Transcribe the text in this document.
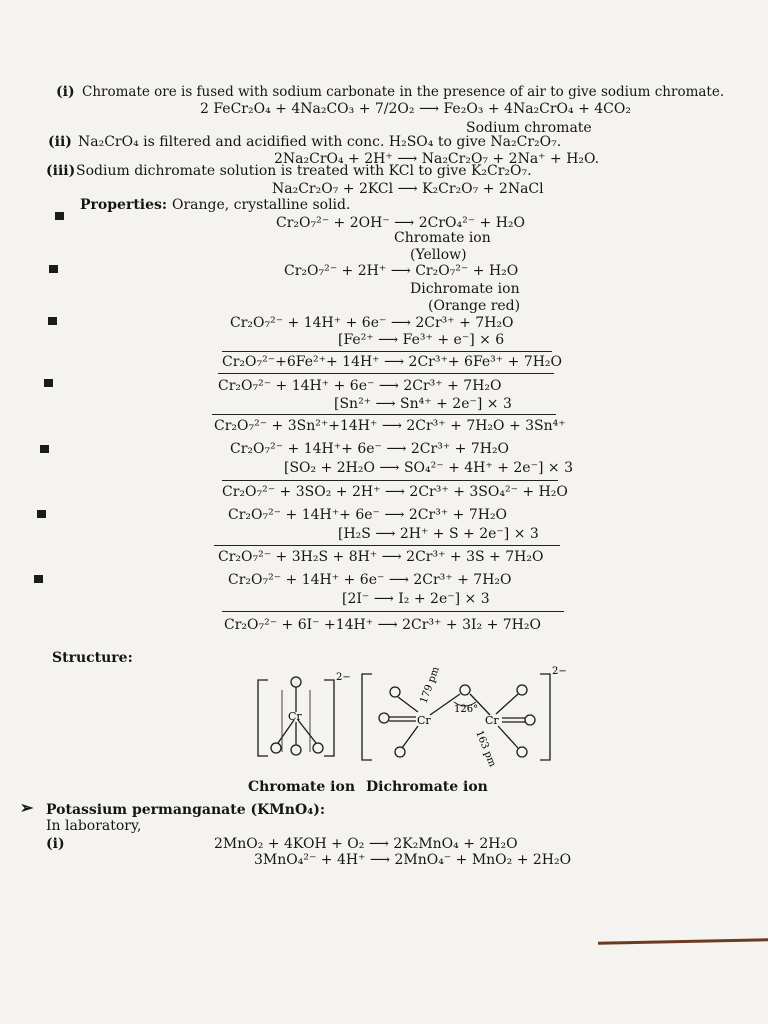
(i) Chromate ore is fused with sodium carbonate in the presence of air to give sodium chromate.
2 FeCr₂O₄ + 4Na₂CO₃ + 7/2O₂ ⟶ Fe₂O₃ + 4Na₂CrO₄ + 4CO₂
Sodium chromate
(ii) Na₂CrO₄ is filtered and acidified with conc. H₂SO₄ to give Na₂Cr₂O₇.
2Na₂CrO₄ + 2H⁺ ⟶ Na₂Cr₂O₇ + 2Na⁺ + H₂O.
(iii) Sodium dichromate solution is treated with KCl to give K₂Cr₂O₇.
Na₂Cr₂O₇ + 2KCl ⟶ K₂Cr₂O₇ + 2NaCl
Properties: Orange, crystalline solid.
Cr₂O₇²⁻ + 2OH⁻ ⟶ 2CrO₄²⁻ + H₂O
Chromate ion
(Yellow)
Cr₂O₇²⁻ + 2H⁺ ⟶ Cr₂O₇²⁻ + H₂O
Dichromate ion
(Orange red)
Cr₂O₇²⁻ + 14H⁺ + 6e⁻ ⟶ 2Cr³⁺ + 7H₂O
[Fe²⁺ ⟶ Fe³⁺ + e⁻] × 6
Cr₂O₇²⁻+6Fe²⁺+ 14H⁺ ⟶ 2Cr³⁺+ 6Fe³⁺ + 7H₂O
Cr₂O₇²⁻ + 14H⁺ + 6e⁻ ⟶ 2Cr³⁺ + 7H₂O
[Sn²⁺ ⟶ Sn⁴⁺ + 2e⁻] × 3
Cr₂O₇²⁻ + 3Sn²⁺+14H⁺ ⟶ 2Cr³⁺ + 7H₂O + 3Sn⁴⁺
Cr₂O₇²⁻ + 14H⁺+ 6e⁻ ⟶ 2Cr³⁺ + 7H₂O
[SO₂ + 2H₂O ⟶ SO₄²⁻ + 4H⁺ + 2e⁻] × 3
Cr₂O₇²⁻ + 3SO₂ + 2H⁺ ⟶ 2Cr³⁺ + 3SO₄²⁻ + H₂O
Cr₂O₇²⁻ + 14H⁺+ 6e⁻ ⟶ 2Cr³⁺ + 7H₂O
[H₂S ⟶ 2H⁺ + S + 2e⁻] × 3
Cr₂O₇²⁻ + 3H₂S + 8H⁺ ⟶ 2Cr³⁺ + 3S + 7H₂O
Cr₂O₇²⁻ + 14H⁺ + 6e⁻ ⟶ 2Cr³⁺ + 7H₂O
[2I⁻ ⟶ I₂ + 2e⁻] × 3
Cr₂O₇²⁻ + 6I⁻ +14H⁺ ⟶ 2Cr³⁺ + 3I₂ + 7H₂O
Structure:
Cr
2−
Cr	Cr
126°
179 pm
163 pm
2−
Chromate ion Dichromate ion
➢ Potassium permanganate (KMnO₄):
In laboratory,
(i)	2MnO₂ + 4KOH + O₂ ⟶ 2K₂MnO₄ + 2H₂O
3MnO₄²⁻ + 4H⁺ ⟶ 2MnO₄⁻ + MnO₂ + 2H₂O
